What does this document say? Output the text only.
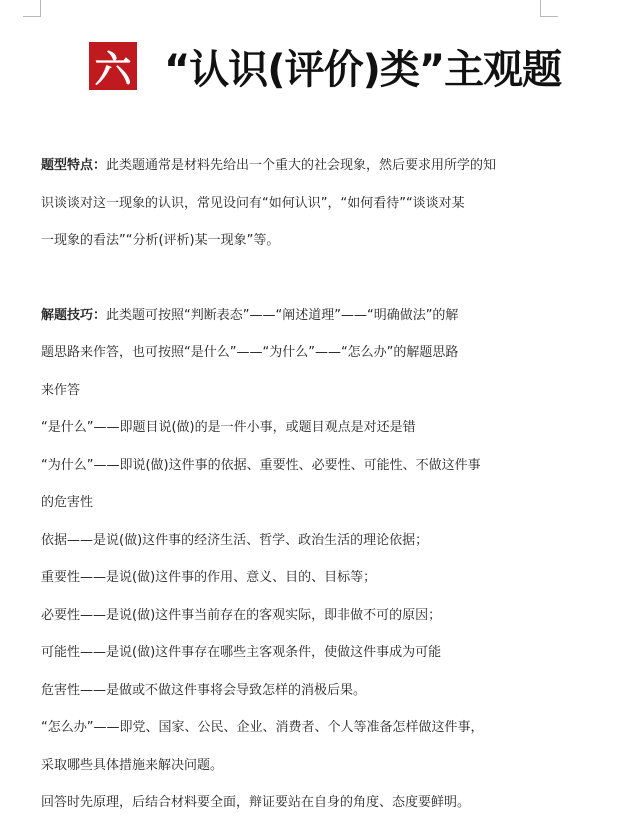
六 “认识(评价)类”主观题
题型特点：此类题通常是材料先给出一个重大的社会现象，然后要求用所学的知
识谈谈对这一现象的认识，常见设问有“如何认识”，“如何看待”“谈谈对某
一现象的看法”“分析(评析)某一现象”等。
解题技巧：此类题可按照“判断表态”——“阐述道理”——“明确做法”的解
题思路来作答，也可按照“是什么”——“为什么”——“怎么办”的解题思路
来作答
“是什么”——即题目说(做)的是一件小事，或题目观点是对还是错
“为什么”——即说(做)这件事的依据、重要性、必要性、可能性、不做这件事
的危害性
依据——是说(做)这件事的经济生活、哲学、政治生活的理论依据；
重要性——是说(做)这件事的作用、意义、目的、目标等；
必要性——是说(做)这件事当前存在的客观实际，即非做不可的原因；
可能性——是说(做)这件事存在哪些主客观条件，使做这件事成为可能
危害性——是做或不做这件事将会导致怎样的消极后果。
“怎么办”——即党、国家、公民、企业、消费者、个人等准备怎样做这件事，
采取哪些具体措施来解决问题。
回答时先原理，后结合材料要全面，辩证要站在自身的角度、态度要鲜明。
